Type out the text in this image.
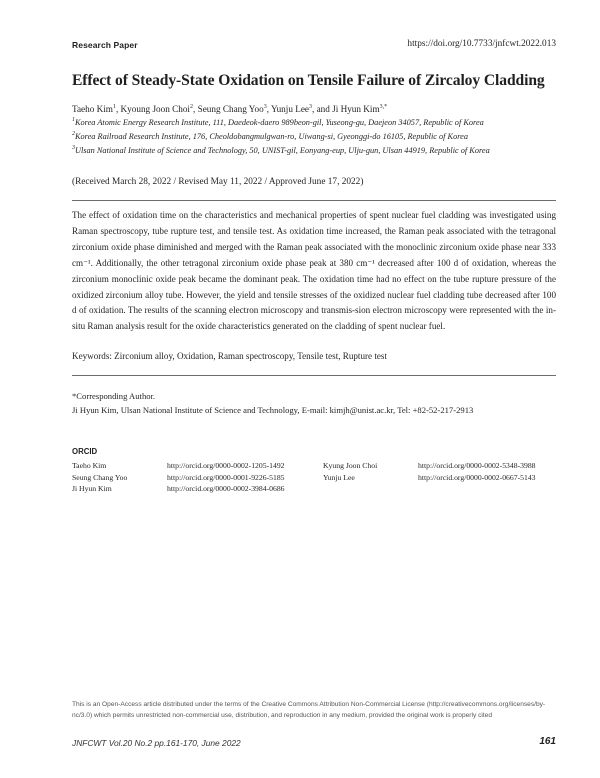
Research Paper	https://doi.org/10.7733/jnfcwt.2022.013
Effect of Steady-State Oxidation on Tensile Failure of Zircaloy Cladding
Taeho Kim$^1$, Kyoung Joon Choi$^2$, Seung Chang Yoo$^3$, Yunju Lee$^3$, and Ji Hyun Kim$^{3,*}$
$^1$Korea Atomic Energy Research Institute, 111, Daedeok-daero 989beon-gil, Yuseong-gu, Daejeon 34057, Republic of Korea
$^2$Korea Railroad Research Institute, 176, Cheoldobangmulgwan-ro, Uiwang-si, Gyeonggi-do 16105, Republic of Korea
$^3$Ulsan National Institute of Science and Technology, 50, UNIST-gil, Eonyang-eup, Ulju-gun, Ulsan 44919, Republic of Korea
(Received March 28, 2022 / Revised May 11, 2022 / Approved June 17, 2022)
The effect of oxidation time on the characteristics and mechanical properties of spent nuclear fuel cladding was investigated using Raman spectroscopy, tube rupture test, and tensile test. As oxidation time increased, the Raman peak associated with the tetragonal zirconium oxide phase diminished and merged with the Raman peak associated with the monoclinic zirconium oxide phase near 333 cm⁻¹. Additionally, the other tetragonal zirconium oxide phase peak at 380 cm⁻¹ decreased after 100 d of oxidation, whereas the zirconium monoclinic oxide peak became the dominant peak. The oxidation time had no effect on the tube rupture pressure of the oxidized zirconium alloy tube. However, the yield and tensile stresses of the oxidized nuclear fuel cladding tube decreased after 100 d of oxidation. The results of the scanning electron microscopy and transmis-sion electron microscopy were represented with the in-situ Raman analysis result for the oxide characteristics generated on the cladding of spent nuclear fuel.
Keywords: Zirconium alloy, Oxidation, Raman spectroscopy, Tensile test, Rupture test
*Corresponding Author.
Ji Hyun Kim, Ulsan National Institute of Science and Technology, E-mail: kimjh@unist.ac.kr, Tel: +82-52-217-2913
ORCID
Taeho Kim	http://orcid.org/0000-0002-1205-1492	Kyung Joon Choi	http://orcid.org/0000-0002-5348-3988
Seung Chang Yoo	http://orcid.org/0000-0001-9226-5185	Yunju Lee	http://orcid.org/0000-0002-0667-5143
Ji Hyun Kim	http://orcid.org/0000-0002-3984-0686
This is an Open-Access article distributed under the terms of the Creative Commons Attribution Non-Commercial License (http://creativecommons.org/licenses/by-nc/3.0) which permits unrestricted non-commercial use, distribution, and reproduction in any medium, provided the original work is properly cited
JNFCWT Vol.20 No.2 pp.161-170, June 2022	161
